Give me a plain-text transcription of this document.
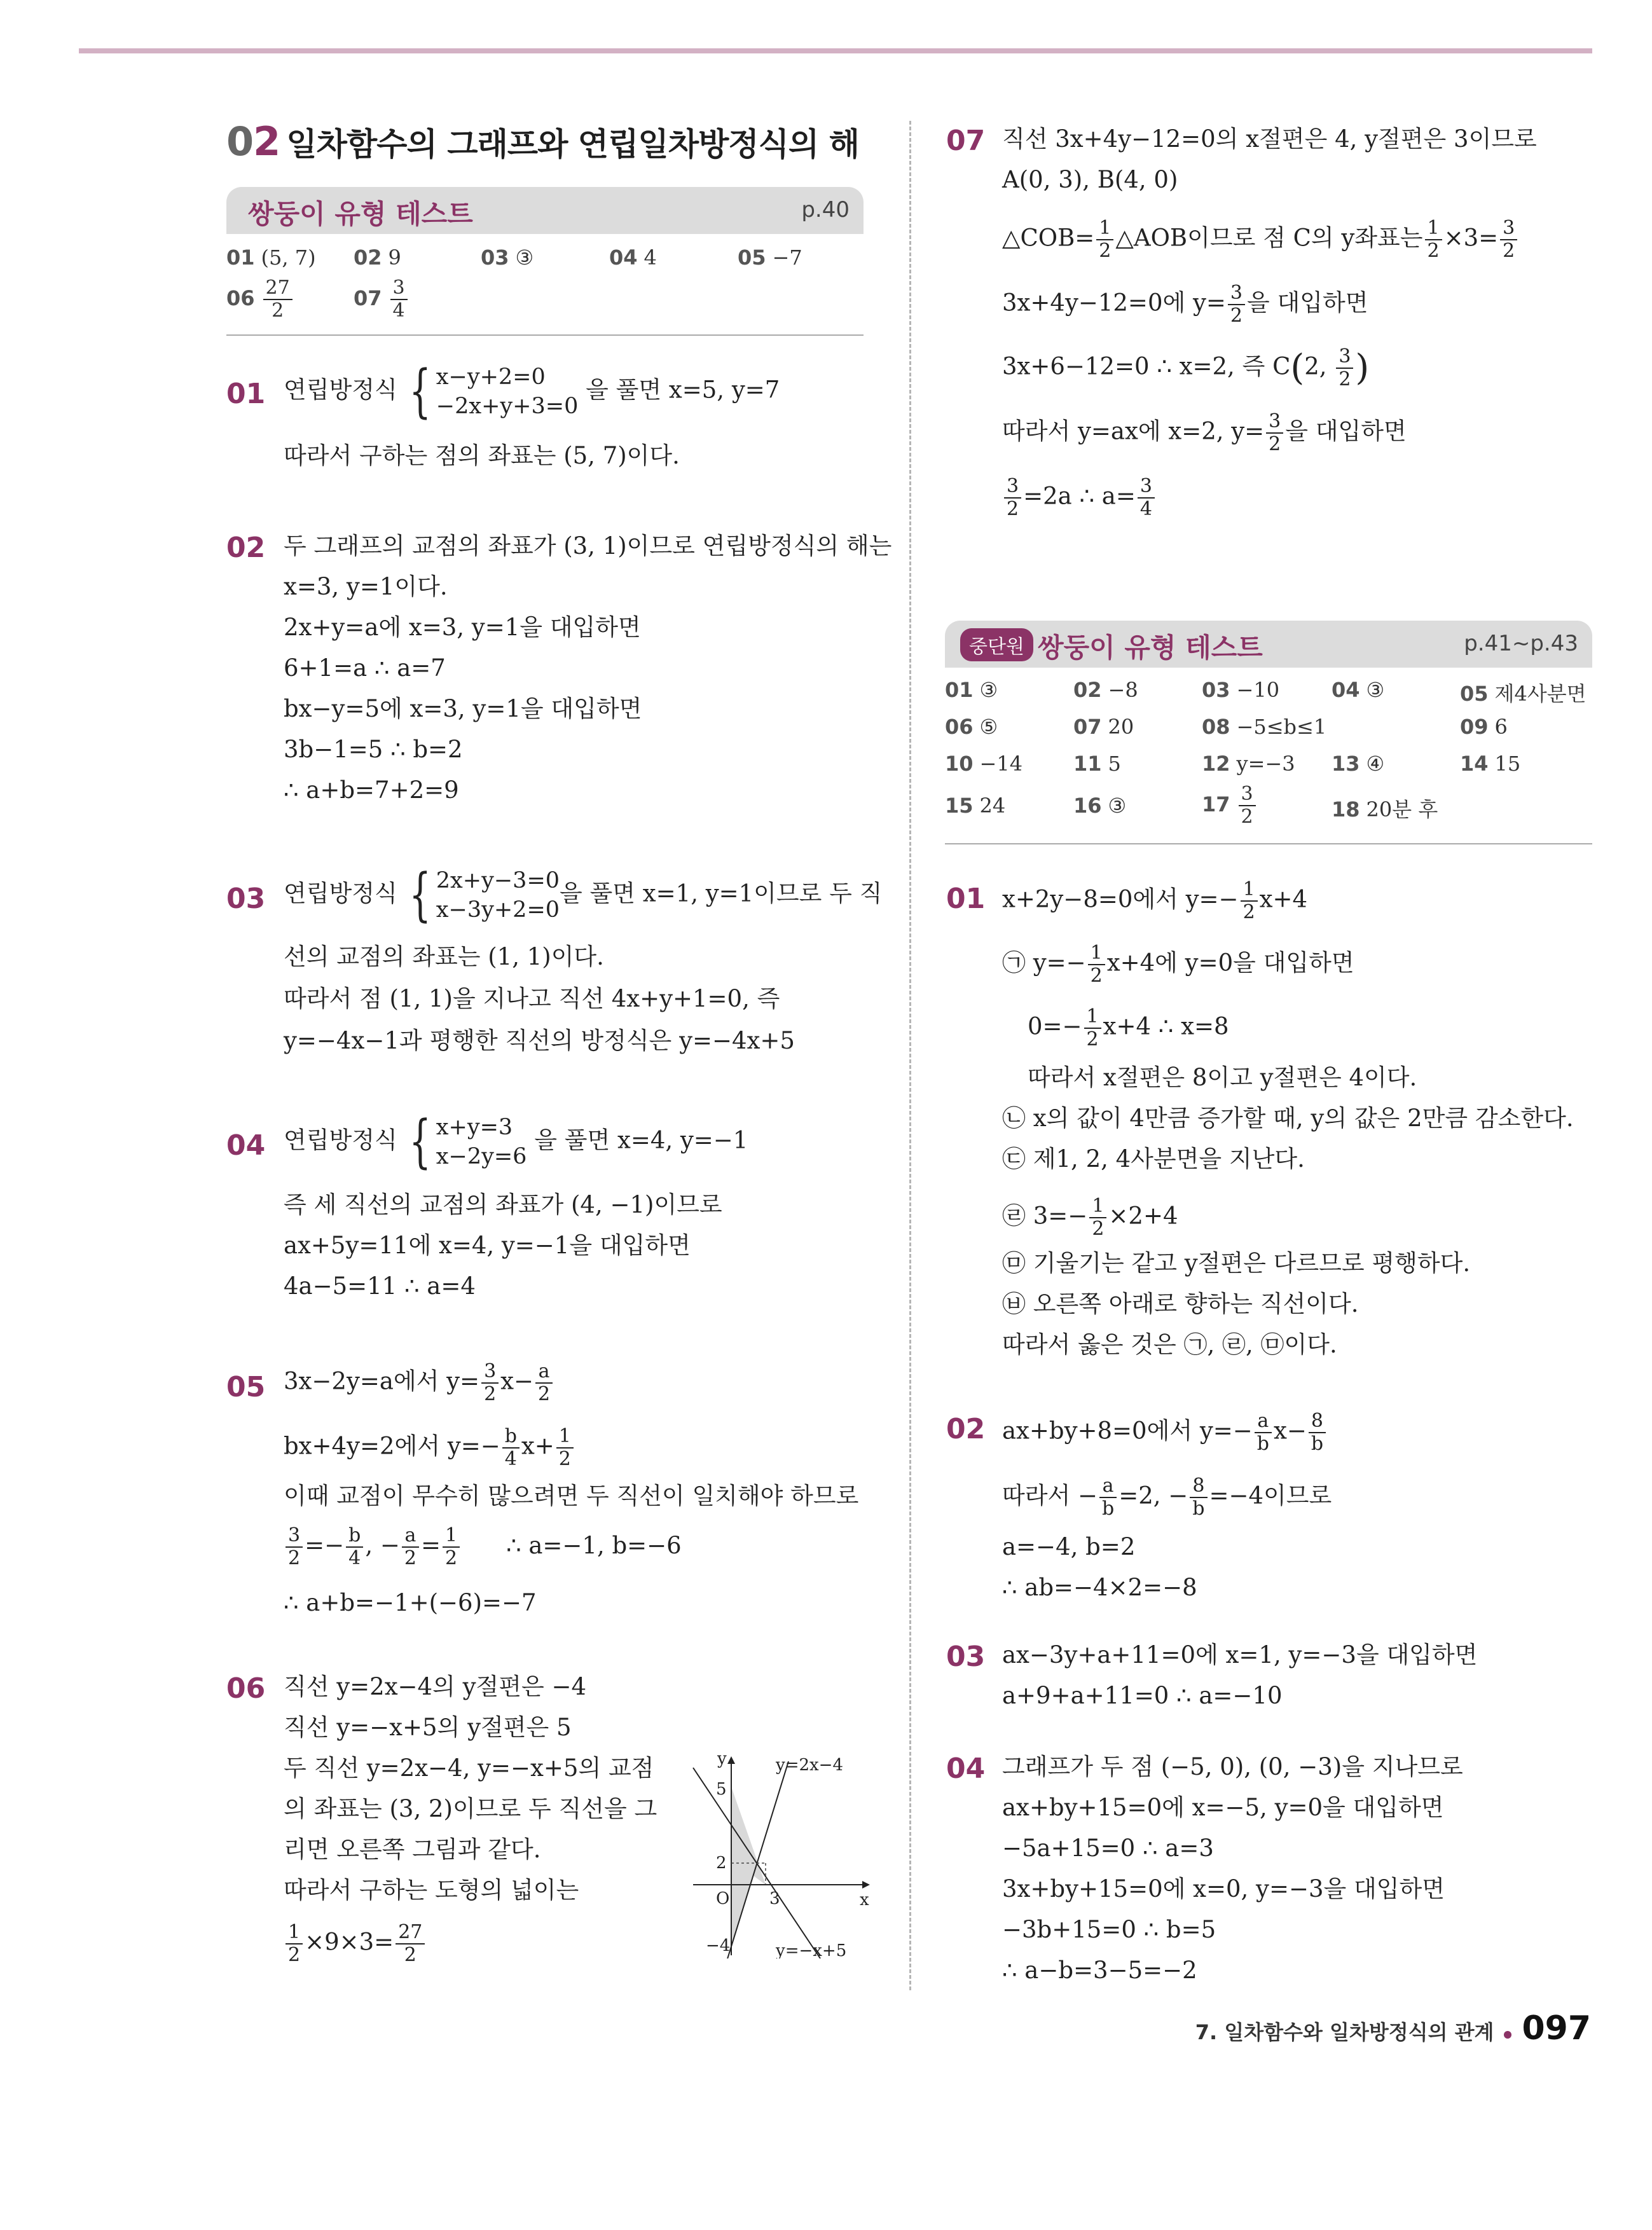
02 일차함수의 그래프와 연립일차방정식의 해
쌍둥이 유형 테스트	p.40
01 (5, 7) 02 9	03 ③	04 4	05 −7
$06 \frac{27}{2}$	$07 \frac{3}{4}$
01 연립방정식 { x−y+2=0
−2x+y+3=0
을 풀면 x=5, y=7
따라서 구하는 점의 좌표는 (5, 7)이다.
02 두 그래프의 교점의 좌표가 (3, 1)이므로 연립방정식의 해는
x=3, y=1이다.
2x+y=a에 x=3, y=1을 대입하면
6+1=a ∴ a=7
bx−y=5에 x=3, y=1을 대입하면
3b−1=5 ∴ b=2
∴ a+b=7+2=9
03 연립방정식 { 2x+y−3=0
x−3y+2=0
을 풀면 x=1, y=1이므로 두 직
선의 교점의 좌표는 (1, 1)이다.
따라서 점 (1, 1)을 지나고 직선 4x+y+1=0, 즉
y=−4x−1과 평행한 직선의 방정식은 y=−4x+5
04 연립방정식 { x+y=3
x−2y=6
을 풀면 x=4, y=−1
즉 세 직선의 교점의 좌표가 (4, −1)이므로
ax+5y=11에 x=4, y=−1을 대입하면
4a−5=11 ∴ a=4
05 3x−2y=a에서 $y= \frac{3}{2} x- \frac{a}{2}$
bx+4y=2에서 $y=- \frac{b}{4} x+ \frac{1}{2}$
이때 교점이 무수히 많으려면 두 직선이 일치해야 하므로
$\frac{3}{2} =- \frac{b}{4}$ , − $\frac{a}{2} = \frac{1}{2}$ ∴ a=−1, b=−6
∴ a+b=−1+(−6)=−7
06 직선 y=2x−4의 y절편은 −4
직선 y=−x+5의 y절편은 5
두 직선 y=2x−4, y=−x+5의 교점
의 좌표는 (3, 2)이므로 두 직선을 그
리면 오른쪽 그림과 같다.
따라서 구하는 도형의 넓이는
$\frac{1}{2} \times 9\times 3= \frac{27}{2}$
y
x
O
5
2
3
−4
y=2x−4
y=−x+5
07 직선 3x+4y−12=0의 x절편은 4, y절편은 3이므로
A(0, 3), B(4, 0)
△COB= $\frac{1}{2}$ △AOB이므로 점 C의 y좌표는 $\frac{1}{2} \times 3= \frac{3}{2}$
3x+4y−12=0에 $y= \frac{3}{2}$ 을 대입하면
3x+6−12=0 ∴ x=2, 즉 C(2, $\frac{3}{2}$ )
따라서 y=ax에 x=2, $y= \frac{3}{2}$ 을 대입하면
$\frac{3}{2} =2a$ ∴ $a= \frac{3}{4}$
중단원 쌍둥이 유형 테스트	p.41~p.43
01 ③	02 −8	03 −10	04 ③	05 제4사분면
06 ⑤	07 20	08 −5≤b≤1	09 6
10 −14 11 5	12 y=−3 13 ④	14 15
15 24	16 ③	$17 \frac{3}{2}$	18 20분 후
01 x+2y−8=0에서 $y=- \frac{1}{2} x+4$
㉠ $y=- \frac{1}{2} x+4$에 y=0을 대입하면
$0=- \frac{1}{2} x+4$ ∴ x=8
따라서 x절편은 8이고 y절편은 4이다.
㉡ x의 값이 4만큼 증가할 때, y의 값은 2만큼 감소한다.
㉢ 제1, 2, 4사분면을 지난다.
㉣ $3=- \frac{1}{2} \times 2+4$
㉤ 기울기는 같고 y절편은 다르므로 평행하다.
㉥ 오른쪽 아래로 향하는 직선이다.
따라서 옳은 것은 ㉠, ㉣, ㉤이다.
02 ax+by+8=0에서 $y=- \frac{a}{b} x- \frac{8}{b}$
따라서 − $\frac{a}{b} =2$, − $\frac{8}{b} =-4$이므로
a=−4, b=2
∴ ab=−4×2=−8
03 ax−3y+a+11=0에 x=1, y=−3을 대입하면
a+9+a+11=0 ∴ a=−10
04 그래프가 두 점 (−5, 0), (0, −3)을 지나므로
ax+by+15=0에 x=−5, y=0을 대입하면
−5a+15=0 ∴ a=3
3x+by+15=0에 x=0, y=−3을 대입하면
−3b+15=0 ∴ b=5
∴ a−b=3−5=−2
7. 일차함수와 일차방정식의 관계 097
